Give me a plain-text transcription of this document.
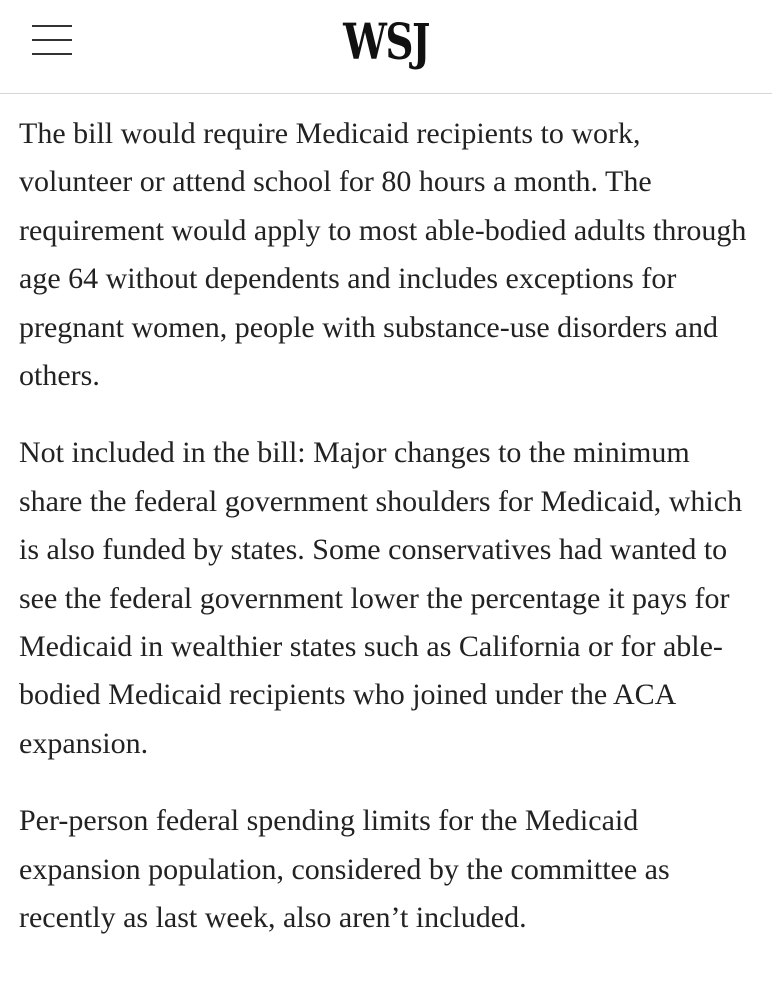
WSJ

The bill would require Medicaid recipients to work, volunteer or attend school for 80 hours a month. The requirement would apply to most able-bodied adults through age 64 without dependents and includes exceptions for pregnant women, people with substance-use disorders and others.

Not included in the bill: Major changes to the minimum share the federal government shoulders for Medicaid, which is also funded by states. Some conservatives had wanted to see the federal government lower the percentage it pays for Medicaid in wealthier states such as California or for able-bodied Medicaid recipients who joined under the ACA expansion.

Per-person federal spending limits for the Medicaid expansion population, considered by the committee as recently as last week, also aren’t included.
